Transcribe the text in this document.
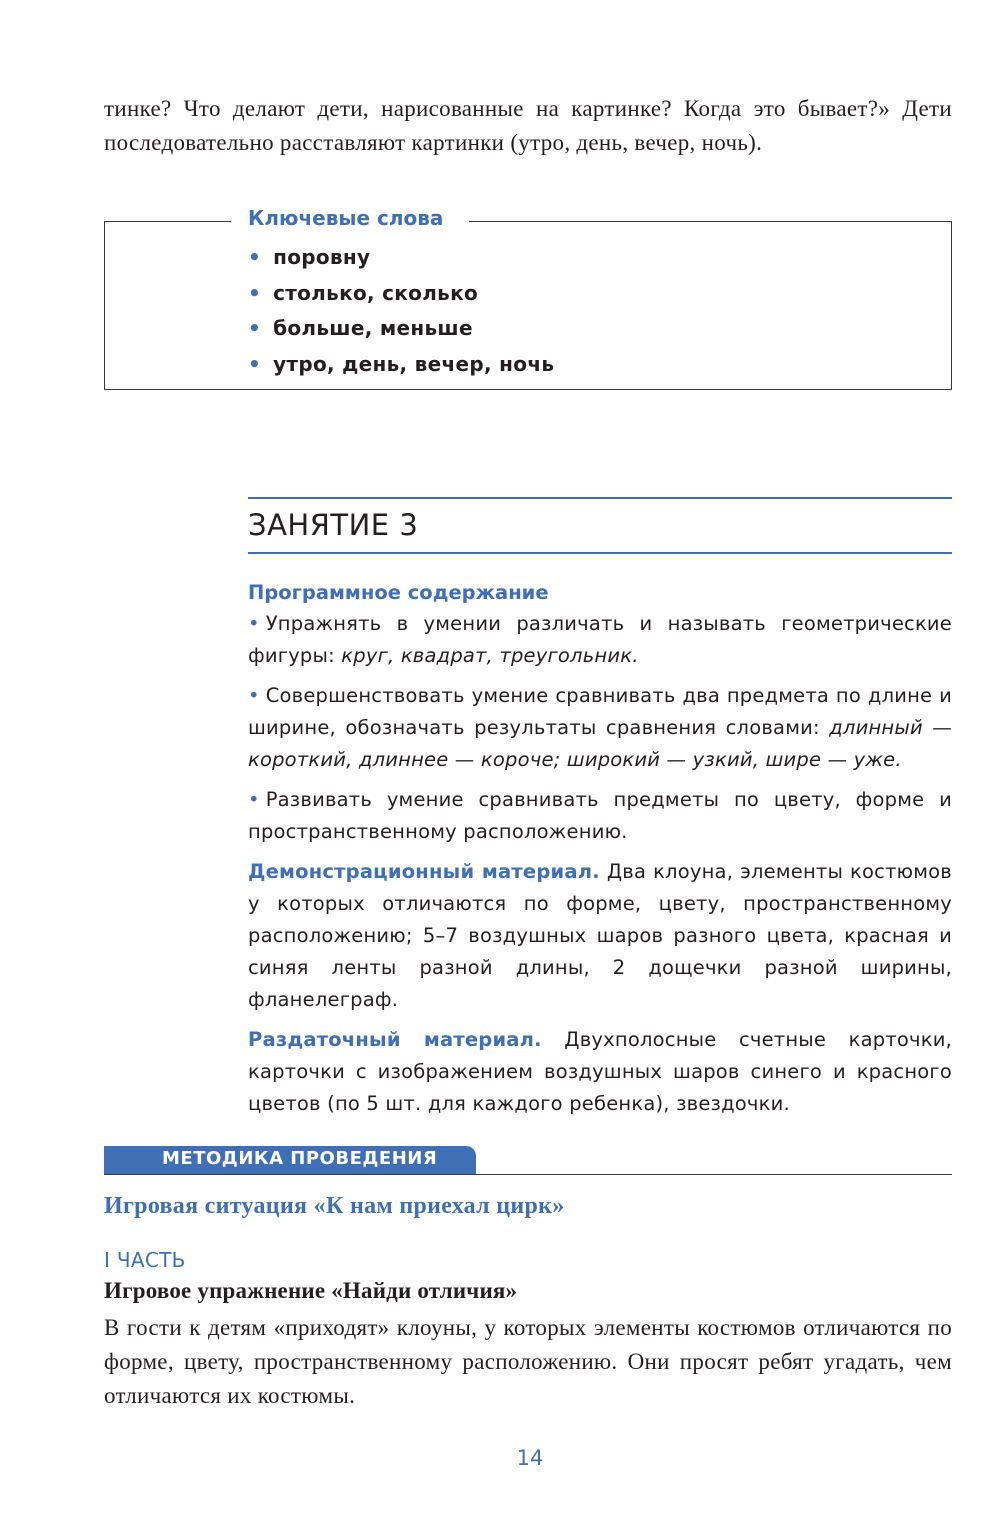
тинке? Что делают дети, нарисованные на картинке? Когда это бывает?» Дети последовательно расставляют картинки (утро, день, вечер, ночь).
Ключевые слова
• поровну
• столько, сколько
• больше, меньше
• утро, день, вечер, ночь
ЗАНЯТИЕ 3
Программное содержание

• Упражнять в умении различать и называть геометрические фигуры: круг, квадрат, треугольник.

• Совершенствовать умение сравнивать два предмета по длине и ширине, обозначать результаты сравнения словами: длинный — короткий, длиннее — короче; широкий — узкий, шире — уже.

• Развивать умение сравнивать предметы по цвету, форме и пространственному расположению.

Демонстрационный материал. Два клоуна, элементы костюмов у которых отличаются по форме, цвету, пространственному расположению; 5–7 воздушных шаров разного цвета, красная и синяя ленты разной длины, 2 дощечки разной ширины, фланелеграф.

Раздаточный материал. Двухполосные счетные карточки, карточки с изображением воздушных шаров синего и красного цветов (по 5 шт. для каждого ребенка), звездочки.

МЕТОДИКА ПРОВЕДЕНИЯ
Игровая ситуация «К нам приехал цирк»
I ЧАСТЬ
Игровое упражнение «Найди отличия»
В гости к детям «приходят» клоуны, у которых элементы костюмов отличаются по форме, цвету, пространственному расположению. Они просят ребят угадать, чем отличаются их костюмы.
14
